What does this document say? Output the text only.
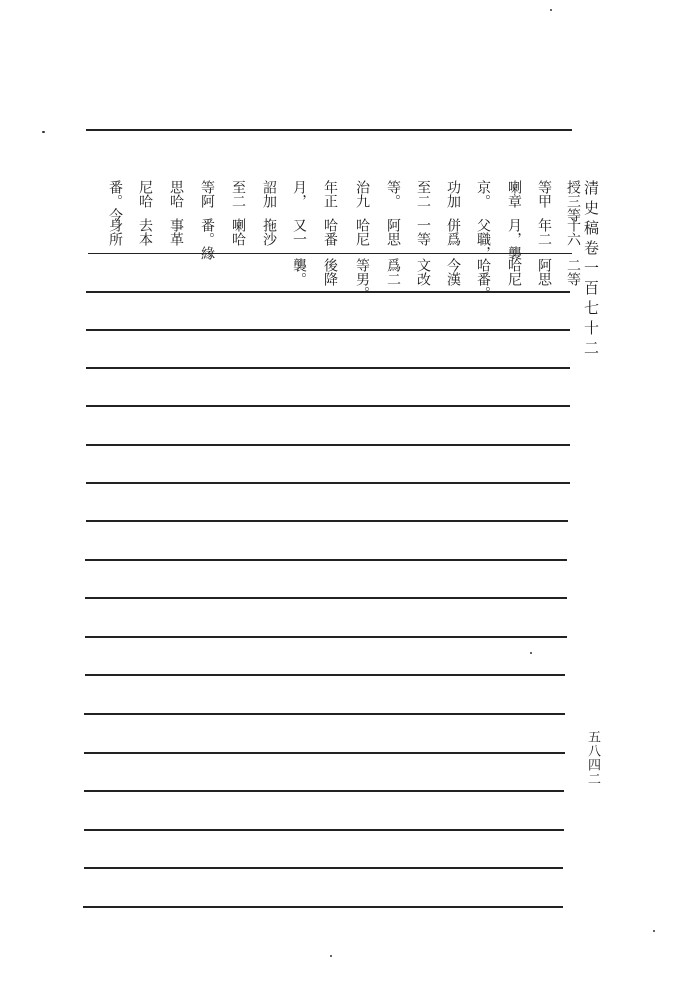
授三等
等甲
喇章
京。
功加
至二
等。
治九
年正
月，
詔加
至二
等阿
思哈
尼哈
番。今
十六
年二
月，襲
父職，
併爲
一等
阿思
哈尼
哈番
又一
拖沙
喇哈
番。緣
事革
去本
身所
二等
阿思
哈尼
哈番。
今漢
文改
爲二
等男。
後降
襲。	清史稿卷一百七十二
五八四二
